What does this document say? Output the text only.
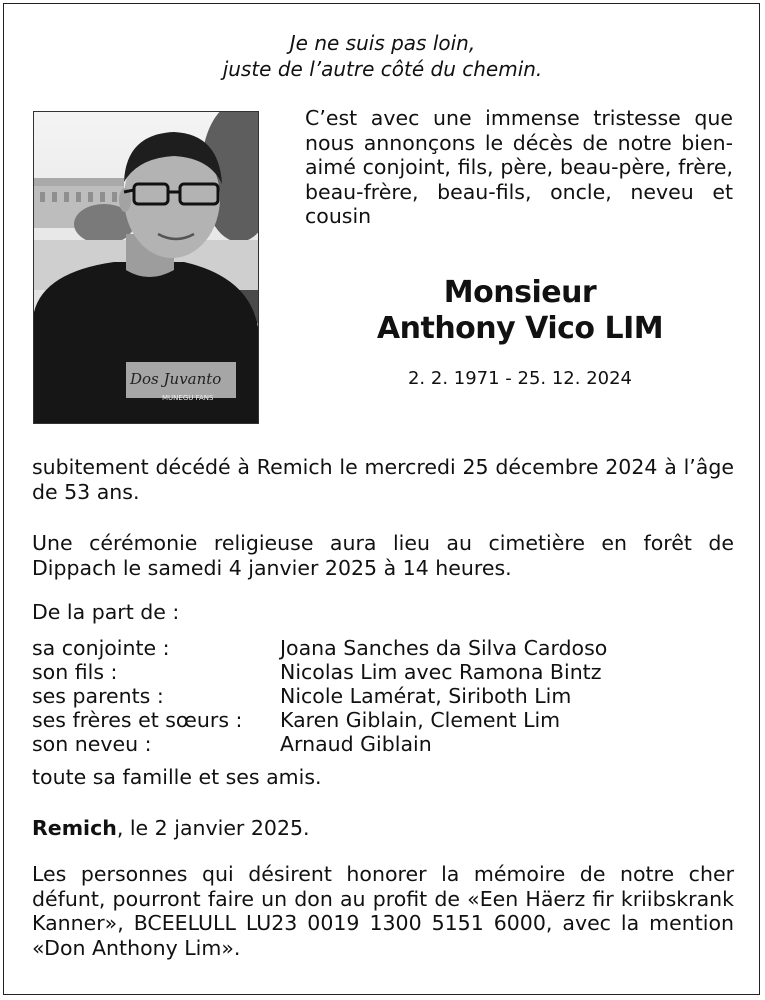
Je ne suis pas loin,
juste de l’autre côté du chemin.
Dos Juvanto
MUNEGU FANS
C’est avec une immense tristesse que nous annonçons le décès de notre bien-aimé conjoint, fils, père, beau-père, frère, beau-frère, beau-fils, oncle, neveu et cousin
Monsieur
Anthony Vico LIM
2. 2. 1971 - 25. 12. 2024
subitement décédé à Remich le mercredi 25 décembre 2024 à l’âge de 53 ans.
Une cérémonie religieuse aura lieu au cimetière en forêt de Dippach le samedi 4 janvier 2025 à 14 heures.
De la part de :
sa conjointe :	Joana Sanches da Silva Cardoso
son fils :	Nicolas Lim avec Ramona Bintz
ses parents :	Nicole Lamérat, Siriboth Lim
ses frères et sœurs : Karen Giblain, Clement Lim
son neveu :	Arnaud Giblain
toute sa famille et ses amis.
Remich, le 2 janvier 2025.
Les personnes qui désirent honorer la mémoire de notre cher défunt, pourront faire un don au profit de «Een Häerz fir kriibskrank Kanner», BCEELULL LU23 0019 1300 5151 6000, avec la mention «Don Anthony Lim».
